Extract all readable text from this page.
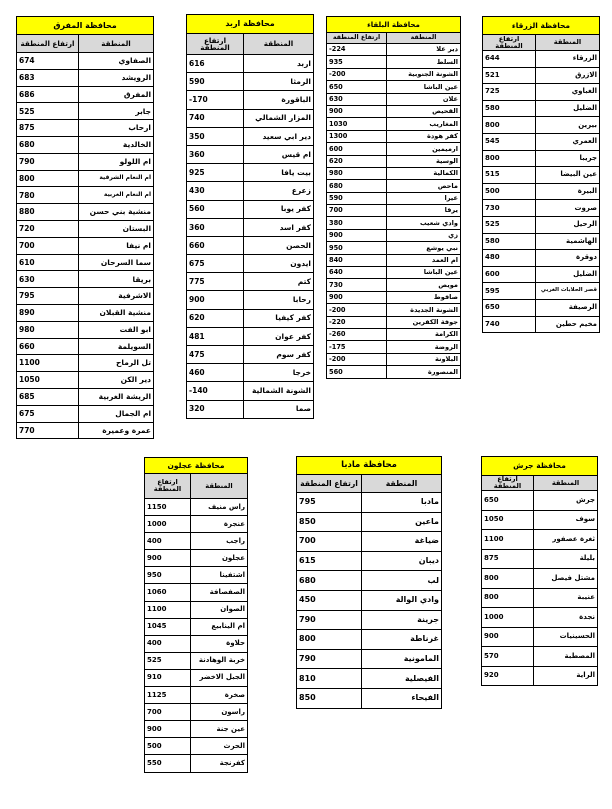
محافظة المفرق	
المنطقة	ارتفاع المنطقة
الصفاوي	674
الرويشد	683
المفرق	686
جابر	525
ارحاب	875
الخالدية	680
ام اللولو	790
ام النعام الشرقية	800
ام النعام الغربية	780
منشية بني حسن	880
البستان	720
ام نيفا	700
سما السرحان	610
بريقا	630
الاشرفية	795
منشية القبلان	890
ابو الفت	980
السويلمة	660
تل الرماح	1100
دير الكن	1050
الريشة الغربية	685
ام الجمال	675
عمرة وعميرة	770
محافظة اربد	
المنطقة	ارتفاع المنطقة
اربد	616
الرمثا	590
الباقورة	-170
المزار الشمالي	740
دير ابي سعيد	350
ام قيس	360
بيت يافا	925
زعرع	430
كفر يوبا	560
كفر اسد	360
الحصن	660
ايدون	675
كتم	775
رحابا	900
كفر كيفيا	620
كفر عوان	481
كفر سوم	475
خرجا	460
الشونة الشمالية	-140
صما	320
محافظة البلقاء	
المنطقة	ارتفاع المنطقة
دير علا	-224
السلط	935
الشونة الجنوبية	-200
عين الباشا	650
علان	630
الفحيص	900
المغاريب	1030
كفر هودة	1300
ارميمين	600
الوسية	620
الكمالية	980
ماحص	680
عيرا	590
يرقا	700
وادي شعيب	380
زي	900
نبي يوشع	950
ام العمد	840
عين الباشا	640
مويص	730
صافوط	900
الشونة الجديدة	-200
جوفة الكفرين	-220
الكرامة	-260
الروضة	-175
البلاونة	-200
المنصورة	560
محافظة الزرقاء	
المنطقة	ارتفاع المنطقة
الزرقاء	644
الازرق	521
الغباوي	725
الضليل	580
بيرين	800
العمري	545
جريبا	800
عين البيضا	515
البيرة	500
صروت	730
الرحيل	525
الهاشمية	580
دوقرة	480
الضليل	600
قصر الحلابات الغربي	595
الرصيفة	650
مخيم حطين	740
محافظة عجلون	
المنطقة	ارتفاع المنطقة
راس منيف	1150
عنجرة	1000
راجب	400
عجلون	900
اشتفينا	950
الصفصافة	1060
الصوان	1100
ام الينابيع	1045
حلاوة	400
خربة الوهادنة	525
الجبل الاخضر	910
صخرة	1125
راسون	700
عين جنة	900
الحرث	500
كفرنجة	550
محافظة مادبا	
المنطقة	ارتفاع المنطقة
مادبا	795
ماعين	850
ضياغة	700
ديبان	615
لب	680
وادي الوالة	450
جرينة	790
غرناطة	800
المامونية	790
الفيصلية	810
الفيحاء	850
محافظة جرش	
المنطقة	ارتفاع المنطقة
جرش	650
سوف	1050
ثغرة عصفور	1100
بليلة	875
مشتل فيصل	800
عنيبة	800
نجدة	1000
الحسينيات	900
المصطبة	570
الراية	920
